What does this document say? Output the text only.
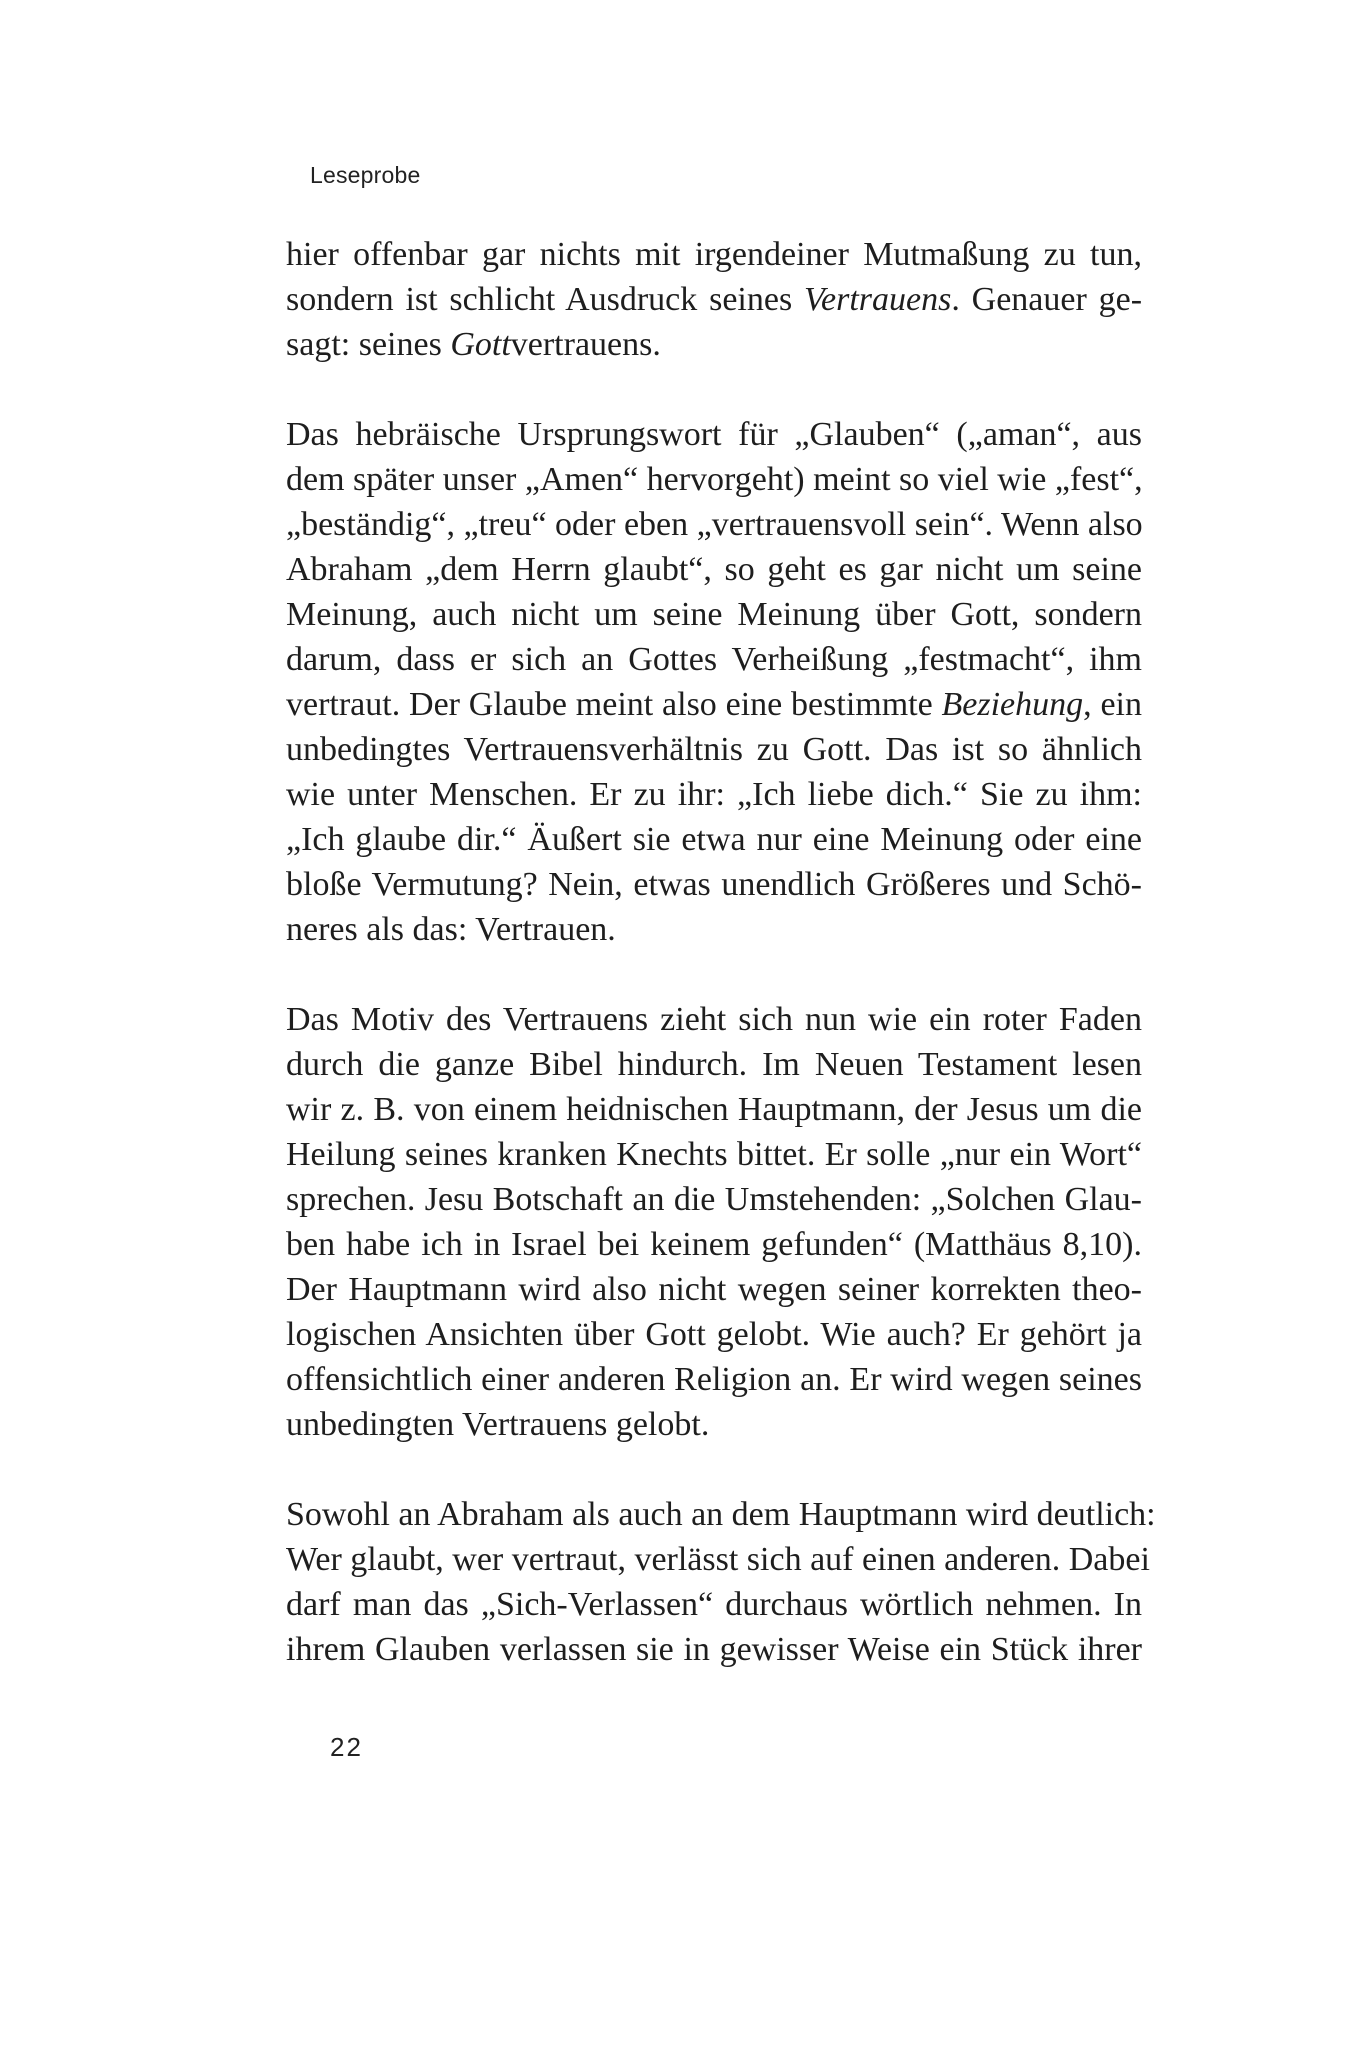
Leseprobe
hier offenbar gar nichts mit irgendeiner Mutmaßung zu tun,
sondern ist schlicht Ausdruck seines Vertrauens. Genauer ge-
sagt: seines Gottvertrauens.
Das hebräische Ursprungswort für „Glauben“ („aman“, aus
dem später unser „Amen“ hervorgeht) meint so viel wie „fest“,
„beständig“, „treu“ oder eben „vertrauensvoll sein“. Wenn also
Abraham „dem Herrn glaubt“, so geht es gar nicht um seine
Meinung, auch nicht um seine Meinung über Gott, sondern
darum, dass er sich an Gottes Verheißung „festmacht“, ihm
vertraut. Der Glaube meint also eine bestimmte Beziehung, ein
unbedingtes Vertrauensverhältnis zu Gott. Das ist so ähnlich
wie unter Menschen. Er zu ihr: „Ich liebe dich.“ Sie zu ihm:
„Ich glaube dir.“ Äußert sie etwa nur eine Meinung oder eine
bloße Vermutung? Nein, etwas unendlich Größeres und Schö-
neres als das: Vertrauen.
Das Motiv des Vertrauens zieht sich nun wie ein roter Faden
durch die ganze Bibel hindurch. Im Neuen Testament lesen
wir z. B. von einem heidnischen Hauptmann, der Jesus um die
Heilung seines kranken Knechts bittet. Er solle „nur ein Wort“
sprechen. Jesu Botschaft an die Umstehenden: „Solchen Glau-
ben habe ich in Israel bei keinem gefunden“ (Matthäus 8,10).
Der Hauptmann wird also nicht wegen seiner korrekten theo-
logischen Ansichten über Gott gelobt. Wie auch? Er gehört ja
offensichtlich einer anderen Religion an. Er wird wegen seines
unbedingten Vertrauens gelobt.
Sowohl an Abraham als auch an dem Hauptmann wird deutlich:
Wer glaubt, wer vertraut, verlässt sich auf einen anderen. Dabei
darf man das „Sich-Verlassen“ durchaus wörtlich nehmen. In
ihrem Glauben verlassen sie in gewisser Weise ein Stück ihrer
22
